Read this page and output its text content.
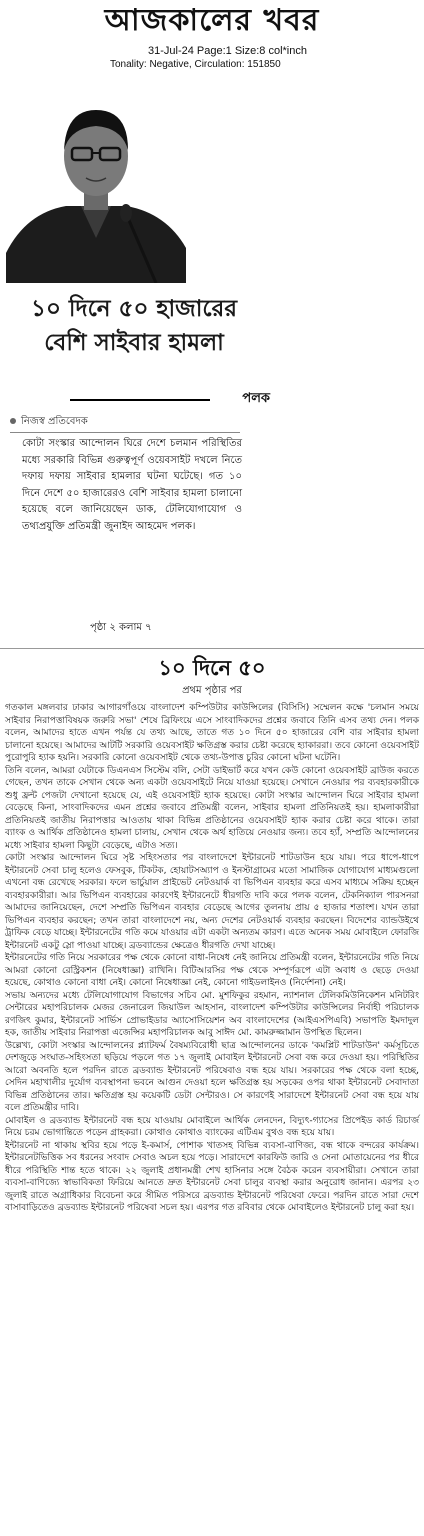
আজকালের খবর
31-Jul-24 Page:1 Size:8 col*inch
Tonality: Negative, Circulation: 151850
১০ দিনে ৫০ হাজারের বেশি সাইবার হামলা
পলক
নিজস্ব প্রতিবেদক
কোটা সংস্কার আন্দোলন ঘিরে দেশে চলমান পরিস্থিতির মধ্যে সরকারি বিভিন্ন গুরুত্বপূর্ণ ওয়েবসাইট দখলে নিতে দফায় দফায় সাইবার হামলার ঘটনা ঘটেছে। গত ১০ দিনে দেশে ৫০ হাজারেরও বেশি সাইবার হামলা চালানো হয়েছে বলে জানিয়েছেন ডাক, টেলিযোগাযোগ ও তথ্যপ্রযুক্তি প্রতিমন্ত্রী জুনাইদ আহমেদ পলক।
পৃষ্ঠা ২ কলাম ৭
১০ দিনে ৫০
প্রথম পৃষ্ঠার পর

গতকাল মঙ্গলবার ঢাকার আগারগাঁওয়ে বাংলাদেশ কম্পিউটার কাউন্সিলের (বিসিসি) সম্মেলন কক্ষে 'চলমান সময়ে সাইবার নিরাপত্তাবিষয়ক জরুরি সভা' শেষে ব্রিফিংয়ে এসে সাংবাদিকদের প্রশ্নের জবাবে তিনি এসব তথ্য দেন। পলক বলেন, আমাদের হাতে এখন পর্যন্ত যে তথ্য আছে, তাতে গত ১০ দিনে ৫০ হাজারের বেশি বার সাইবার হামলা চালানো হয়েছে। আমাদের আটটি সরকারি ওয়েবসাইট ক্ষতিগ্রস্ত করার চেষ্টা করেছে হ্যাকাররা। তবে কোনো ওয়েবসাইট পুরোপুরি হ্যাক হয়নি। সরকারি কোনো ওয়েবসাইট থেকে তথ্য-উপাত্ত চুরির কোনো ঘটনা ঘটেনি।

তিনি বলেন, আমরা যেটাকে ডিএনএস সিস্টেম বলি, সেটা ডাইভার্ট করে যখন কেউ কোনো ওয়েবসাইট ব্রাউজ করতে গেছেন, তখন তাকে সেখান থেকে অন্য একটা ওয়েবসাইটে নিয়ে যাওয়া হয়েছে। সেখানে নেওয়ার পর ব্যবহারকারীকে শুধু ফ্রন্ট পেজটা দেখানো হয়েছে যে, এই ওয়েবসাইট হ্যাক হয়েছে। কোটা সংস্কার আন্দোলন ঘিরে সাইবার হামলা বেড়েছে কিনা, সাংবাদিকদের এমন প্রশ্নের জবাবে প্রতিমন্ত্রী বলেন, সাইবার হামলা প্রতিনিয়তই হয়। হামলাকারীরা প্রতিনিয়তই জাতীয় নিরাপত্তার আওতায় থাকা বিভিন্ন প্রতিষ্ঠানের ওয়েবসাইট হ্যাক করার চেষ্টা করে থাকে। তারা ব্যাংক ও আর্থিক প্রতিষ্ঠানেও হামলা চালায়, সেখান থেকে অর্থ হাতিয়ে নেওয়ার জন্য। তবে হ্যাঁ, সম্প্রতি আন্দোলনের মধ্যে সাইবার হামলা কিছুটা বেড়েছে, এটাও সত্য।

কোটা সংস্কার আন্দোলন ঘিরে সৃষ্ট সহিংসতার পর বাংলাদেশে ইন্টারনেট শাটডাউন হয়ে যায়। পরে ধাপে-ধাপে ইন্টারনেট সেবা চালু হলেও ফেসবুক, টিকটক, হোয়াটসঅ্যাপ ও ইনস্টাগ্রামের মতো সামাজিক যোগাযোগ মাধ্যমগুলো এখনো বন্ধ রেখেছে সরকার। ফলে ভার্চুয়াল প্রাইভেট নেটওয়ার্ক বা ভিপিএন ব্যবহার করে এসব মাধ্যমে সক্রিয় হচ্ছেন ব্যবহারকারীরা। আর ভিপিএন ব্যবহারের কারণেই ইন্টারনেটে ধীরগতি দাবি করে পলক বলেন, টেকনিক্যাল পারসনরা আমাদের জানিয়েছেন, দেশে সম্প্রতি ভিপিএন ব্যবহার বেড়েছে আগের তুলনায় প্রায় ৫ হাজার শতাংশ। যখন তারা ভিপিএন ব্যবহার করছেন; তখন তারা বাংলাদেশে নয়, অন্য দেশের নেটওয়ার্ক ব্যবহার করছেন। বিদেশের ব্যান্ডউইথে ট্রাফিক বেড়ে যাচ্ছে। ইন্টারনেটের গতি কমে যাওয়ার এটা একটা অন্যতম কারণ। এতে অনেক সময় মোবাইলে ফোরজি ইন্টারনেট একটু স্লো পাওয়া যাচ্ছে। ব্রডব্যান্ডের ক্ষেত্রেও ধীরগতি দেখা যাচ্ছে।

ইন্টারনেটের গতি নিয়ে সরকারের পক্ষ থেকে কোনো বাধা-নিষেধ নেই জানিয়ে প্রতিমন্ত্রী বলেন, ইন্টারনেটের গতি নিয়ে আমরা কোনো রেস্ট্রিকশন (নিষেধাজ্ঞা) রাখিনি। বিটিআরসির পক্ষ থেকে সম্পূর্ণরূপে এটা অবাধ ও ছেড়ে দেওয়া হয়েছে, কোথাও কোনো বাধা নেই। কোনো নিষেধাজ্ঞা নেই, কোনো গাইডলাইনও (নির্দেশনা) নেই।

সভায় অন্যদের মধ্যে টেলিযোগাযোগ বিভাগের সচিব মো. মুশফিকুর রহমান, ন্যাশনাল টেলিকমিউনিকেশন মনিটরিং সেন্টারের মহাপরিচালক মেজর জেনারেল জিয়াউল আহসান, বাংলাদেশ কম্পিউটার কাউন্সিলের নির্বাহী পরিচালক রণজিৎ কুমার, ইন্টারনেট সার্ভিস প্রোভাইডার অ্যাসোসিয়েশন অব বাংলাদেশের (আইএসপিএবি) সভাপতি ইমদাদুল হক, জাতীয় সাইবার নিরাপত্তা এজেন্সির মহাপরিচালক আবু সাঈদ মো. কামরুজ্জামান উপস্থিত ছিলেন।

উল্লেখ্য, কোটা সংস্কার আন্দোলনের প্ল্যাটফর্ম বৈষম্যবিরোধী ছাত্র আন্দোলনের ডাকে 'কমপ্লিট শাটডাউন' কর্মসূচিতে দেশজুড়ে সংঘাত-সহিংসতা ছড়িয়ে পড়লে গত ১৭ জুলাই মোবাইল ইন্টারনেট সেবা বন্ধ করে দেওয়া হয়। পরিস্থিতির আরো অবনতি হলে পরদিন রাতে ব্রডব্যান্ড ইন্টারনেট পরিষেবাও বন্ধ হয়ে যায়। সরকারের পক্ষ থেকে বলা হচ্ছে, সেদিন মহাখালীর দুর্যোগ ব্যবস্থাপনা ভবনে আগুন দেওয়া হলে ক্ষতিগ্রস্ত হয় সড়কের ওপর থাকা ইন্টারনেট সেবাদাতা বিভিন্ন প্রতিষ্ঠানের তার। ক্ষতিগ্রস্ত হয় কয়েকটি ডেটা সেন্টারও। সে কারণেই সারাদেশে ইন্টারনেট সেবা বন্ধ হয়ে যায় বলে প্রতিমন্ত্রীর দাবি।

মোবাইল ও ব্রডব্যান্ড ইন্টারনেট বন্ধ হয়ে যাওয়ায় মোবাইলে আর্থিক লেনদেন, বিদ্যুৎ-গ্যাসের প্রিপেইড কার্ড রিচার্জ নিয়ে চরম ভোগান্তিতে পড়েন গ্রাহকরা। কোথাও কোথাও ব্যাংকের এটিএম বুথও বন্ধ হয়ে যায়।

ইন্টারনেট না থাকায় স্থবির হয়ে পড়ে ই-কমার্স, পোশাক খাতসহ বিভিন্ন ব্যবসা-বাণিজ্য, বন্ধ থাকে বন্দরের কার্যক্রম। ইন্টারনেটভিত্তিক সব ধরনের সংবাদ সেবাও অচল হয়ে পড়ে। সারাদেশে কারফিউ জারি ও সেনা মোতায়েনের পর ধীরে ধীরে পরিস্থিতি শান্ত হতে থাকে। ২২ জুলাই প্রধানমন্ত্রী শেখ হাসিনার সঙ্গে বৈঠক করেন ব্যবসায়ীরা। সেখানে তারা ব্যবসা-বাণিজ্যে স্বাভাবিকতা ফিরিয়ে আনতে দ্রুত ইন্টারনেট সেবা চালুর ব্যবস্থা করার অনুরোধ জানান। এরপর ২৩ জুলাই রাতে অগ্রাধিকার বিবেচনা করে সীমিত পরিসরে ব্রডব্যান্ড ইন্টারনেট পরিষেবা ফেরে। পরদিন রাতে সারা দেশে বাসাবাড়িতেও ব্রডব্যান্ড ইন্টারনেট পরিষেবা সচল হয়। এরপর গত রবিবার থেকে মোবাইলেও ইন্টারনেট চালু করা হয়।
